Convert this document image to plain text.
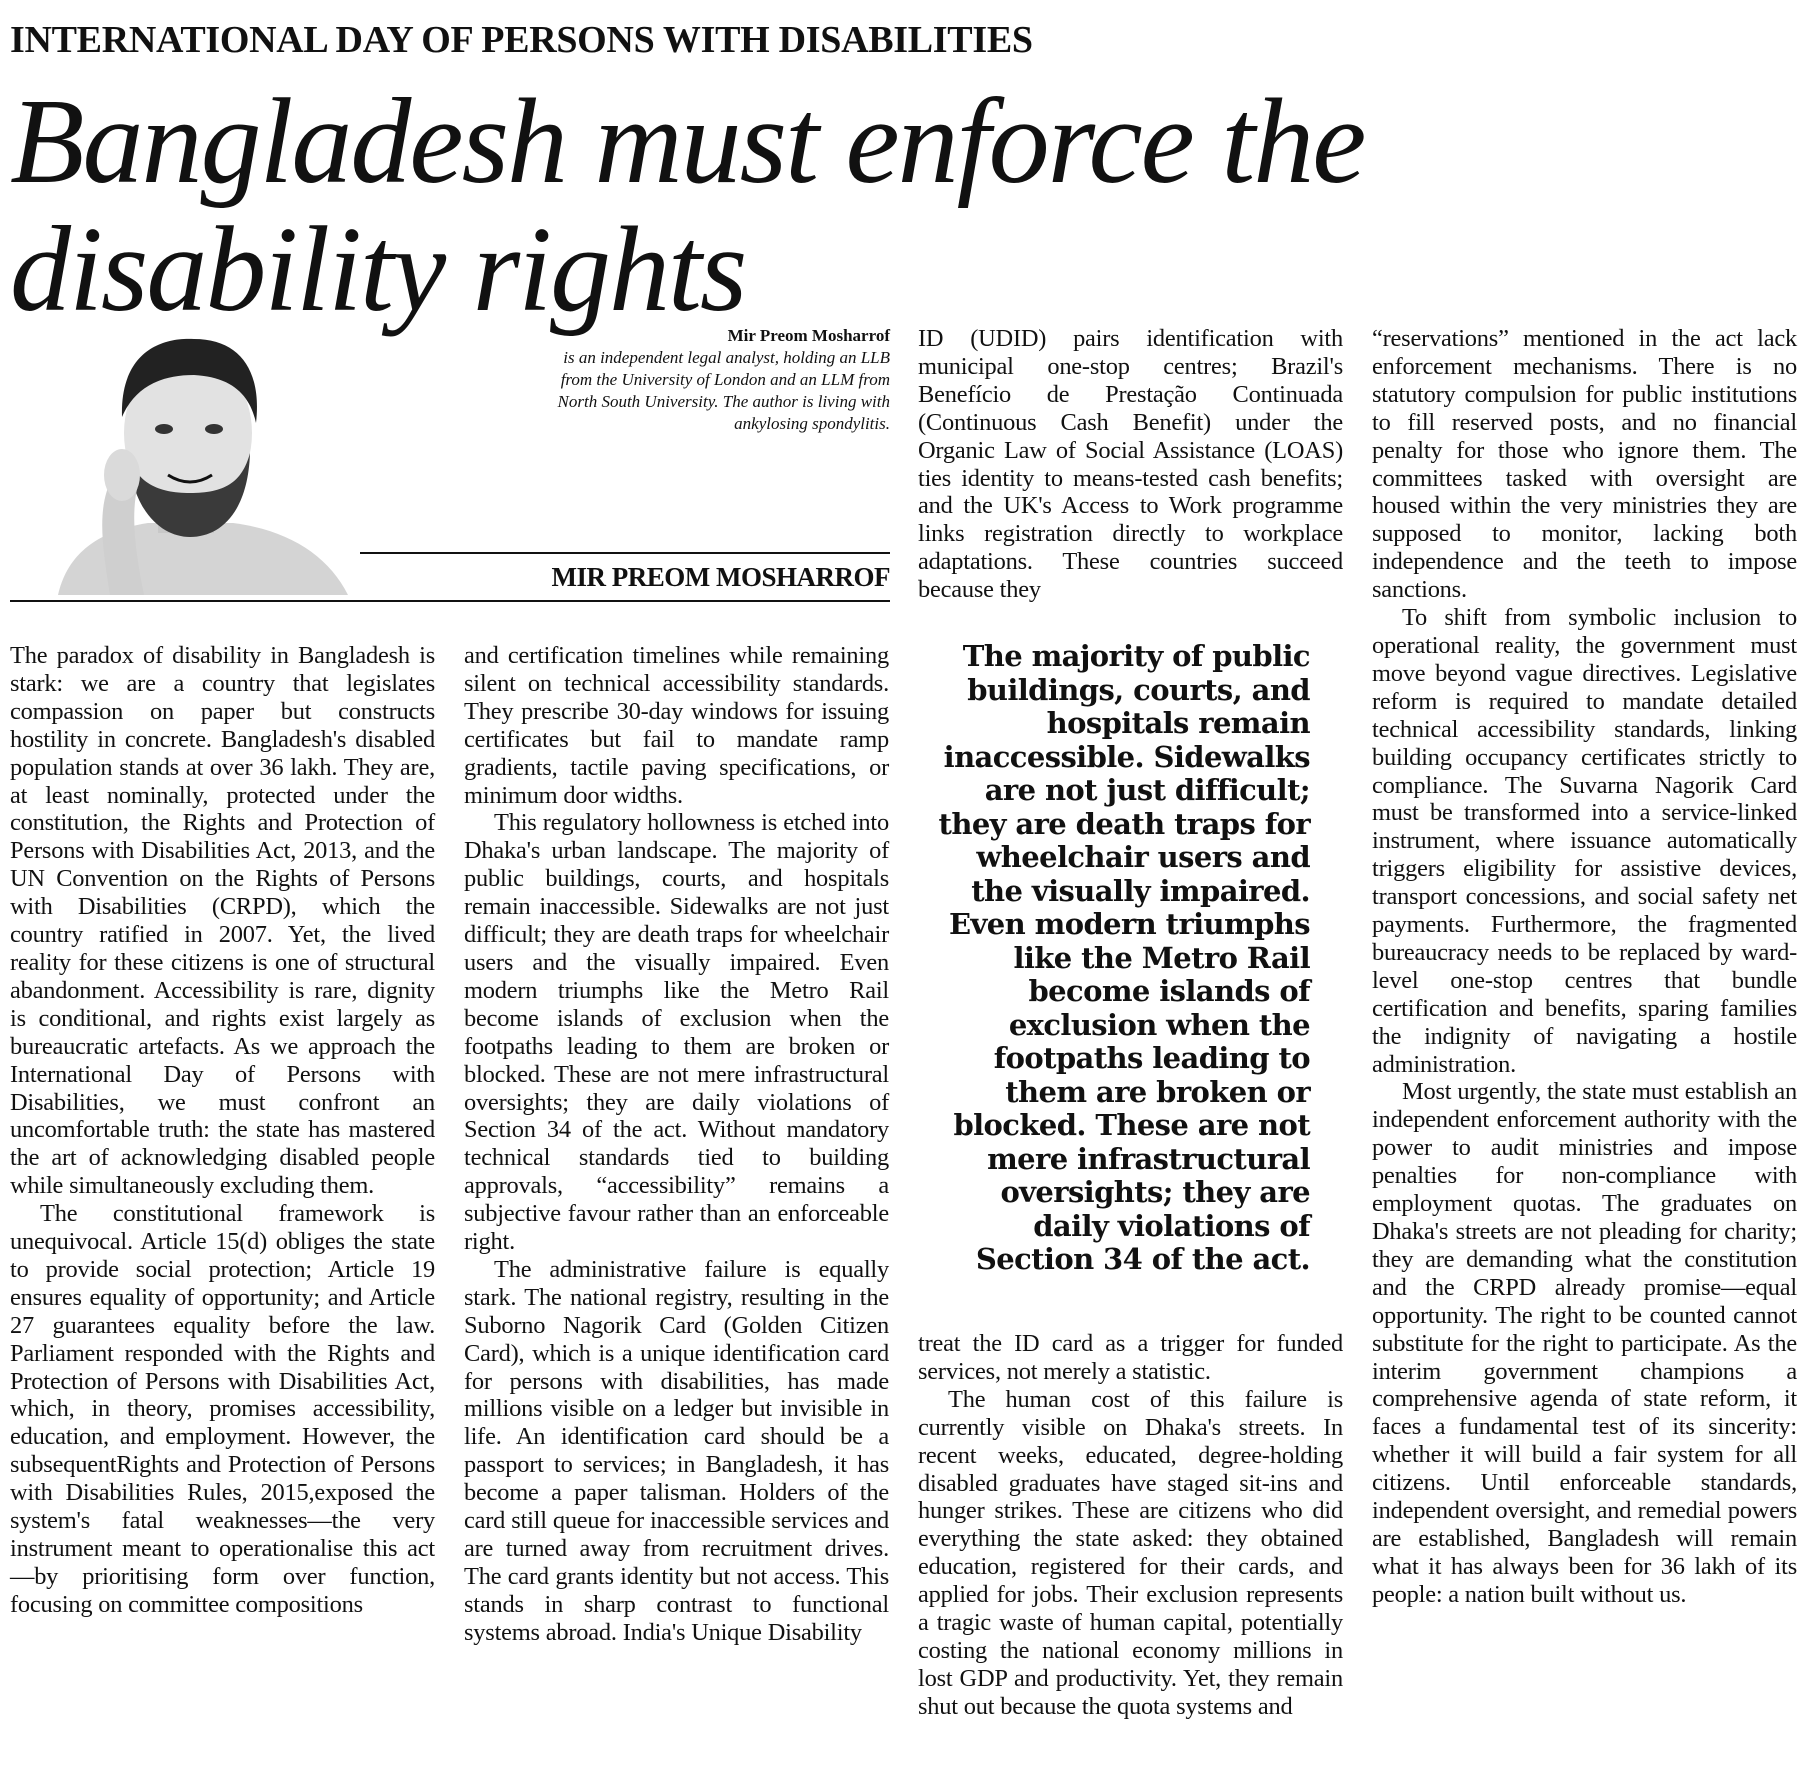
INTERNATIONAL DAY OF PERSONS WITH DISABILITIES
Bangladesh must enforce the
disability rights
Mir Preom Mosharrof
is an independent legal analyst, holding an LLB
from the University of London and an LLM from
North South University. The author is living with
ankylosing spondylitis.
MIR PREOM MOSHARROF

The paradox of disability in Bangladesh is stark: we are a country that legislates compassion on paper but constructs hostility in concrete. Bangladesh's disabled population stands at over 36 lakh. They are, at least nominally, protected under the constitution, the Rights and Protection of Persons with Disabilities Act, 2013, and the UN Convention on the Rights of Persons with Disabilities (CRPD), which the country ratified in 2007. Yet, the lived reality for these citizens is one of structural abandonment. Accessibility is rare, dignity is conditional, and rights exist largely as bureaucratic artefacts. As we approach the International Day of Persons with Disabilities, we must confront an uncomfortable truth: the state has mastered the art of acknowledging disabled people while simultaneously excluding them.

The constitutional framework is unequivocal. Article 15(d) obliges the state to provide social protection; Article 19 ensures equality of opportunity; and Article 27 guarantees equality before the law. Parliament responded with the Rights and Protection of Persons with Disabilities Act, which, in theory, promises accessibility, education, and employment. However, the subsequentRights and Protection of Persons with Disabilities Rules, 2015,exposed the system's fatal weaknesses—the very instrument meant to operationalise this act—by prioritising form over function, focusing on committee compositions

and certification timelines while remaining silent on technical accessibility standards. They prescribe 30-day windows for issuing certificates but fail to mandate ramp gradients, tactile paving specifications, or minimum door widths.

This regulatory hollowness is etched into Dhaka's urban landscape. The majority of public buildings, courts, and hospitals remain inaccessible. Sidewalks are not just difficult; they are death traps for wheelchair users and the visually impaired. Even modern triumphs like the Metro Rail become islands of exclusion when the footpaths leading to them are broken or blocked. These are not mere infrastructural oversights; they are daily violations of Section 34 of the act. Without mandatory technical standards tied to building approvals, “accessibility” remains a subjective favour rather than an enforceable right.

The administrative failure is equally stark. The national registry, resulting in the Suborno Nagorik Card (Golden Citizen Card), which is a unique identification card for persons with disabilities, has made millions visible on a ledger but invisible in life. An identification card should be a passport to services; in Bangladesh, it has become a paper talisman. Holders of the card still queue for inaccessible services and are turned away from recruitment drives. The card grants identity but not access. This stands in sharp contrast to functional systems abroad. India's Unique Disability

ID (UDID) pairs identification with municipal one-stop centres; Brazil's Benefício de Prestação Continuada (Continuous Cash Benefit) under the Organic Law of Social Assistance (LOAS) ties identity to means-tested cash benefits; and the UK's Access to Work programme links registration directly to workplace adaptations. These countries succeed because they

The majority of public buildings, courts, and hospitals remain inaccessible. Sidewalks are not just difficult; they are death traps for wheelchair users and the visually impaired. Even modern triumphs like the Metro Rail become islands of exclusion when the footpaths leading to them are broken or blocked. These are not mere infrastructural oversights; they are daily violations of Section 34 of the act.

treat the ID card as a trigger for funded services, not merely a statistic.

The human cost of this failure is currently visible on Dhaka's streets. In recent weeks, educated, degree-holding disabled graduates have staged sit-ins and hunger strikes. These are citizens who did everything the state asked: they obtained education, registered for their cards, and applied for jobs. Their exclusion represents a tragic waste of human capital, potentially costing the national economy millions in lost GDP and productivity. Yet, they remain shut out because the quota systems and

“reservations” mentioned in the act lack enforcement mechanisms. There is no statutory compulsion for public institutions to fill reserved posts, and no financial penalty for those who ignore them. The committees tasked with oversight are housed within the very ministries they are supposed to monitor, lacking both independence and the teeth to impose sanctions.

To shift from symbolic inclusion to operational reality, the government must move beyond vague directives. Legislative reform is required to mandate detailed technical accessibility standards, linking building occupancy certificates strictly to compliance. The Suvarna Nagorik Card must be transformed into a service-linked instrument, where issuance automatically triggers eligibility for assistive devices, transport concessions, and social safety net payments. Furthermore, the fragmented bureaucracy needs to be replaced by ward-level one-stop centres that bundle certification and benefits, sparing families the indignity of navigating a hostile administration.

Most urgently, the state must establish an independent enforcement authority with the power to audit ministries and impose penalties for non-compliance with employment quotas. The graduates on Dhaka's streets are not pleading for charity; they are demanding what the constitution and the CRPD already promise—equal opportunity. The right to be counted cannot substitute for the right to participate. As the interim government champions a comprehensive agenda of state reform, it faces a fundamental test of its sincerity: whether it will build a fair system for all citizens. Until enforceable standards, independent oversight, and remedial powers are established, Bangladesh will remain what it has always been for 36 lakh of its people: a nation built without us.
